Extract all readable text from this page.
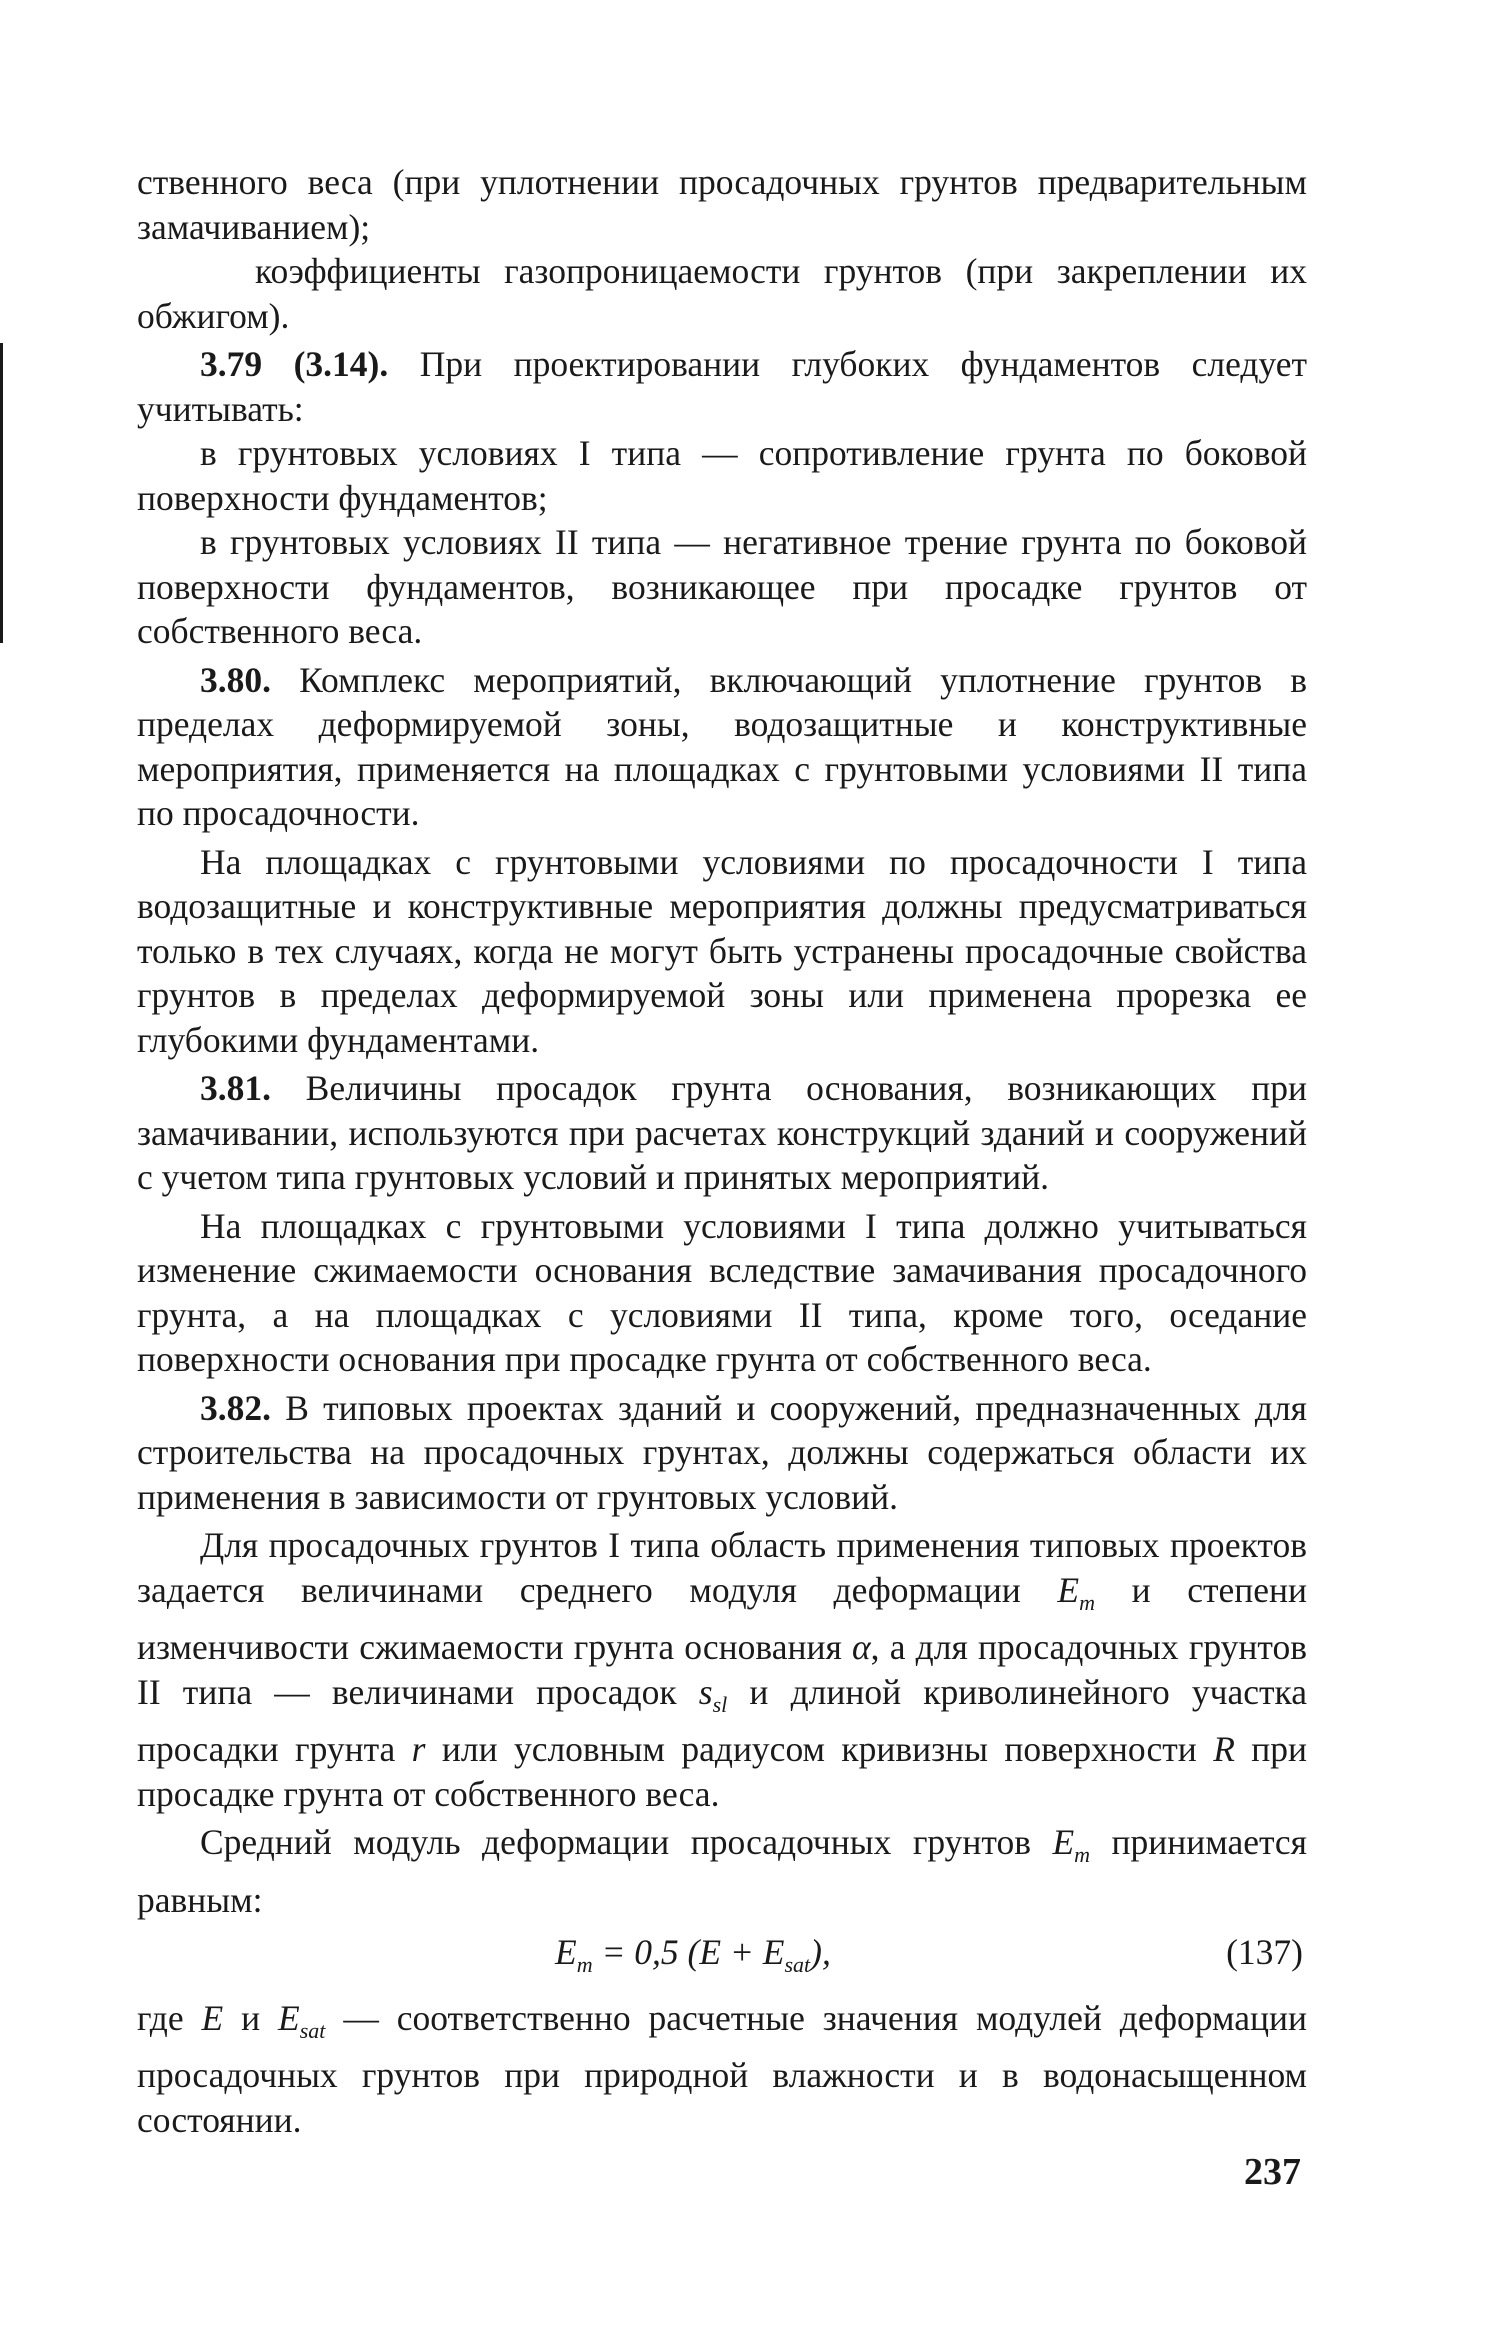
ственного веса (при уплотнении просадочных грунтов предварительным замачиванием);

коэффициенты газопроницаемости грунтов (при закреплении их обжигом).

3.79 (3.14). При проектировании глубоких фундаментов следует учитывать:

в грунтовых условиях I типа — сопротивление грунта по боковой поверхности фундаментов;

в грунтовых условиях II типа — негативное трение грунта по боковой поверхности фундаментов, возникающее при просадке грунтов от собственного веса.

3.80. Комплекс мероприятий, включающий уплотнение грунтов в пределах деформируемой зоны, водозащитные и конструктивные мероприятия, применяется на площадках с грунтовыми условиями II типа по просадочности.

На площадках с грунтовыми условиями по просадочности I типа водозащитные и конструктивные мероприятия должны предусматриваться только в тех случаях, когда не могут быть устранены просадочные свойства грунтов в пределах деформируемой зоны или применена прорезка ее глубокими фундаментами.

3.81. Величины просадок грунта основания, возникающих при замачивании, используются при расчетах конструкций зданий и сооружений с учетом типа грунтовых условий и принятых мероприятий.

На площадках с грунтовыми условиями I типа должно учитываться изменение сжимаемости основания вследствие замачивания просадочного грунта, а на площадках с условиями II типа, кроме того, оседание поверхности основания при просадке грунта от собственного веса.

3.82. В типовых проектах зданий и сооружений, предназначенных для строительства на просадочных грунтах, должны содержаться области их применения в зависимости от грунтовых условий.

Для просадочных грунтов I типа область применения типовых проектов задается величинами среднего модуля деформации $E_m$ и степени изменчивости сжимаемости грунта основания α, а для просадочных грунтов II типа — величинами просадок $s_{sl}$ и длиной криволинейного участка просадки грунта r или условным радиусом кривизны поверхности R при просадке грунта от собственного веса.

Средний модуль деформации просадочных грунтов $E_m$ принимается равным:

$E_m = 0,5$ $(E + E_{sat})$,	(137)

где E и $E_{sat}$ — соответственно расчетные значения модулей деформации просадочных грунтов при природной влажности и в водонасыщенном состоянии.

237
